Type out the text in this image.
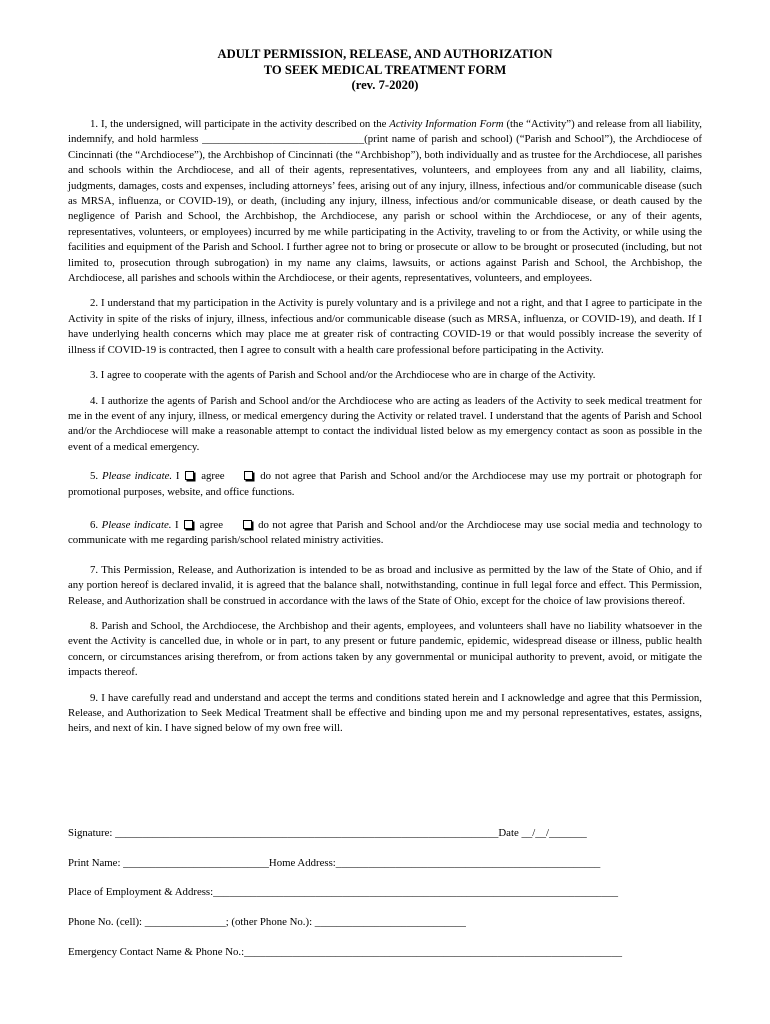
ADULT PERMISSION, RELEASE, AND AUTHORIZATION
TO SEEK MEDICAL TREATMENT FORM
(rev. 7-2020)

1. I, the undersigned, will participate in the activity described on the Activity Information Form (the “Activity”) and release from all liability, indemnify, and hold harmless ______________________________(print name of parish and school) (“Parish and School”), the Archdiocese of Cincinnati (the “Archdiocese”), the Archbishop of Cincinnati (the “Archbishop”), both individually and as trustee for the Archdiocese, all parishes and schools within the Archdiocese, and all of their agents, representatives, volunteers, and employees from any and all liability, claims, judgments, damages, costs and expenses, including attorneys’ fees, arising out of any injury, illness, infectious and/or communicable disease (such as MRSA, influenza, or COVID-19), or death, (including any injury, illness, infectious and/or communicable disease, or death caused by the negligence of Parish and School, the Archbishop, the Archdiocese, any parish or school within the Archdiocese, or any of their agents, representatives, volunteers, or employees) incurred by me while participating in the Activity, traveling to or from the Activity, or while using the facilities and equipment of the Parish and School. I further agree not to bring or prosecute or allow to be brought or prosecuted (including, but not limited to, prosecution through subrogation) in my name any claims, lawsuits, or actions against Parish and School, the Archbishop, the Archdiocese, all parishes and schools within the Archdiocese, or their agents, representatives, volunteers, and employees.

2. I understand that my participation in the Activity is purely voluntary and is a privilege and not a right, and that I agree to participate in the Activity in spite of the risks of injury, illness, infectious and/or communicable disease (such as MRSA, influenza, or COVID-19), and death. If I have underlying health concerns which may place me at greater risk of contracting COVID-19 or that would possibly increase the severity of illness if COVID-19 is contracted, then I agree to consult with a health care professional before participating in the Activity.

3. I agree to cooperate with the agents of Parish and School and/or the Archdiocese who are in charge of the Activity.

4. I authorize the agents of Parish and School and/or the Archdiocese who are acting as leaders of the Activity to seek medical treatment for me in the event of any injury, illness, or medical emergency during the Activity or related travel. I understand that the agents of Parish and School and/or the Archdiocese will make a reasonable attempt to contact the individual listed below as my emergency contact as soon as possible in the event of a medical emergency.

5. Please indicate. I  agree	do not agree that Parish and School and/or the Archdiocese may use my portrait or photograph for promotional purposes, website, and office functions.

6. Please indicate. I  agree	do not agree that Parish and School and/or the Archdiocese may use social media and technology to communicate with me regarding parish/school related ministry activities.

7. This Permission, Release, and Authorization is intended to be as broad and inclusive as permitted by the law of the State of Ohio, and if any portion hereof is declared invalid, it is agreed that the balance shall, notwithstanding, continue in full legal force and effect. This Permission, Release, and Authorization shall be construed in accordance with the laws of the State of Ohio, except for the choice of law provisions thereof.

8. Parish and School, the Archdiocese, the Archbishop and their agents, employees, and volunteers shall have no liability whatsoever in the event the Activity is cancelled due, in whole or in part, to any present or future pandemic, epidemic, widespread disease or illness, public health concern, or circumstances arising therefrom, or from actions taken by any governmental or municipal authority to prevent, avoid, or mitigate the impacts thereof.

9. I have carefully read and understand and accept the terms and conditions stated herein and I acknowledge and agree that this Permission, Release, and Authorization to Seek Medical Treatment shall be effective and binding upon me and my personal representatives, estates, assigns, heirs, and next of kin. I have signed below of my own free will.

Signature: _______________________________________________________________________Date __/__/_______
Print Name: ___________________________Home Address:_________________________________________________
Place of Employment & Address:___________________________________________________________________________
Phone No. (cell): _______________; (other Phone No.): ____________________________
Emergency Contact Name & Phone No.:______________________________________________________________________
